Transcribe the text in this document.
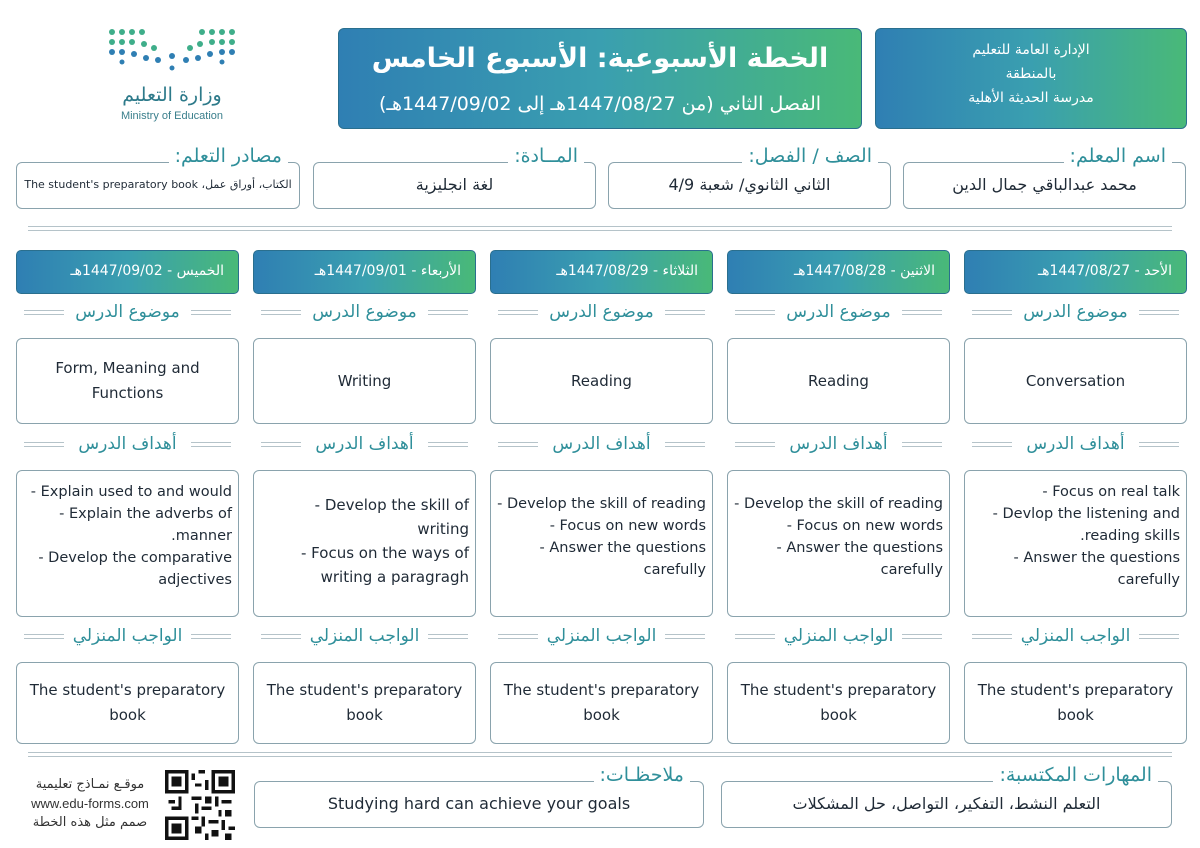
وزارة التعليم
Ministry of Education
الخطة الأسبوعية: الأسبوع الخامس
الفصل الثاني (من 1447/08/27هـ إلى 1447/09/02هـ)
الإدارة العامة للتعليم
بالمنطقة
مدرسة الحديثة الأهلية
محمد عبدالباقي جمال الدين
اسم المعلم:
الثاني الثانوي/ شعبة 4/9
الصف / الفصل:
لغة انجليزية
المــادة:
الكتاب، أوراق عمل، The student's preparatory book
مصادر التعلم:
الأحد - 1447/08/27هـ
موضوع الدرس
Conversation
أهداف الدرس
Focus on real talk -
Devlop the listening and -
reading skills.
Answer the questions -
carefully
الواجب المنزلي
The student's preparatory book
الاثنين - 1447/08/28هـ
موضوع الدرس
Reading
أهداف الدرس
Develop the skill of reading -
Focus on new words -
Answer the questions -
carefully
الواجب المنزلي
The student's preparatory book
الثلاثاء - 1447/08/29هـ
موضوع الدرس
Reading
أهداف الدرس
Develop the skill of reading -
Focus on new words -
Answer the questions -
carefully
الواجب المنزلي
The student's preparatory book
الأربعاء - 1447/09/01هـ
موضوع الدرس
Writing
أهداف الدرس
Develop the skill of -
writing
Focus on the ways of -
writing a paragragh
الواجب المنزلي
The student's preparatory book
الخميس - 1447/09/02هـ
موضوع الدرس
Form, Meaning and Functions
أهداف الدرس
Explain used to and would -
Explain the adverbs of -
manner.
Develop the comparative -
adjectives
الواجب المنزلي
The student's preparatory book
التعلم النشط، التفكير، التواصل، حل المشكلات
المهارات المكتسبة:
Studying hard can achieve your goals
ملاحظـات:
موقـع نمـاذج تعليمية
www.edu-forms.com
صمم مثل هذه الخطة
